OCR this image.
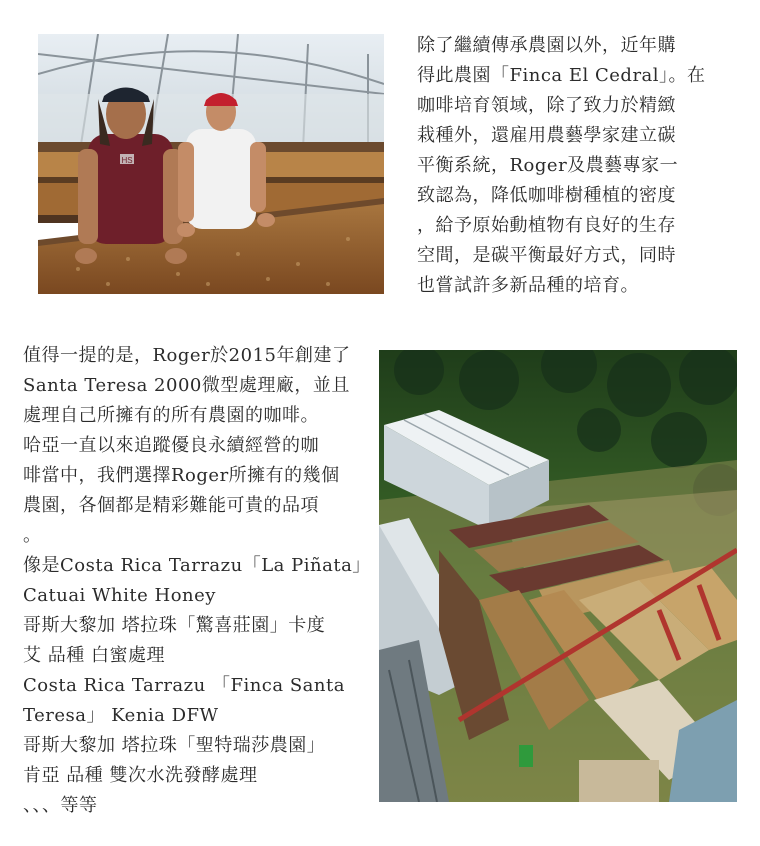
HS

除了繼續傳承農園以外，近年購

得此農園「Finca El Cedral」。在

咖啡培育領域，除了致力於精緻

栽種外，還雇用農藝學家建立碳

平衡系統，Roger及農藝專家一

致認為，降低咖啡樹種植的密度

，給予原始動植物有良好的生存

空間，是碳平衡最好方式，同時

也嘗試許多新品種的培育。

值得一提的是，Roger於2015年創建了

Santa Teresa 2000微型處理廠，並且

處理自己所擁有的所有農園的咖啡。

哈亞一直以來追蹤優良永續經營的咖

啡當中，我們選擇Roger所擁有的幾個

農園，各個都是精彩難能可貴的品項

。

像是Costa Rica Tarrazu「La Piñata」

Catuai White Honey

哥斯大黎加 塔拉珠「驚喜莊園」卡度

艾 品種 白蜜處理

Costa Rica Tarrazu 「Finca Santa

Teresa」 Kenia DFW

哥斯大黎加 塔拉珠「聖特瑞莎農園」

肯亞 品種 雙次水洗發酵處理

、、、等等
